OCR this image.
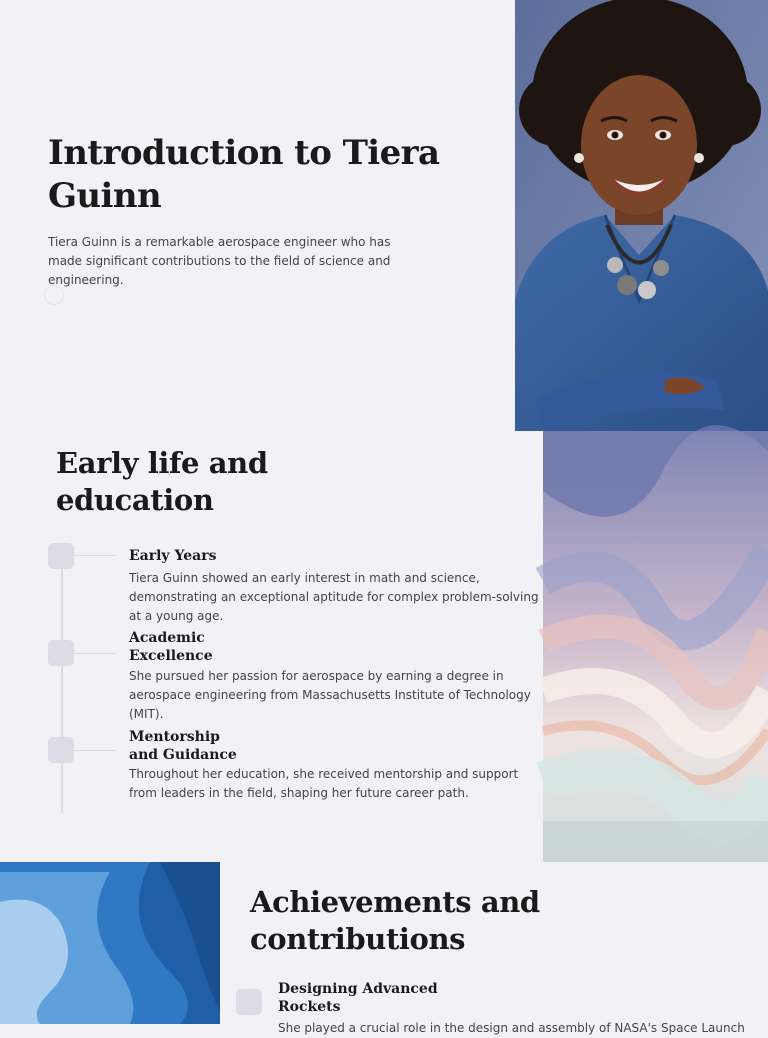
Introduction to Tiera Guinn

Tiera Guinn is a remarkable aerospace engineer who has made significant contributions to the field of science and engineering.

Early life and education
Early Years

Tiera Guinn showed an early interest in math and science, demonstrating an exceptional aptitude for complex problem-solving at a young age.

Academic Excellence

She pursued her passion for aerospace by earning a degree in aerospace engineering from Massachusetts Institute of Technology (MIT).

Mentorship and Guidance

Throughout her education, she received mentorship and support from leaders in the field, shaping her future career path.

Achievements and contributions
Designing Advanced Rockets

She played a crucial role in the design and assembly of NASA's Space Launch
